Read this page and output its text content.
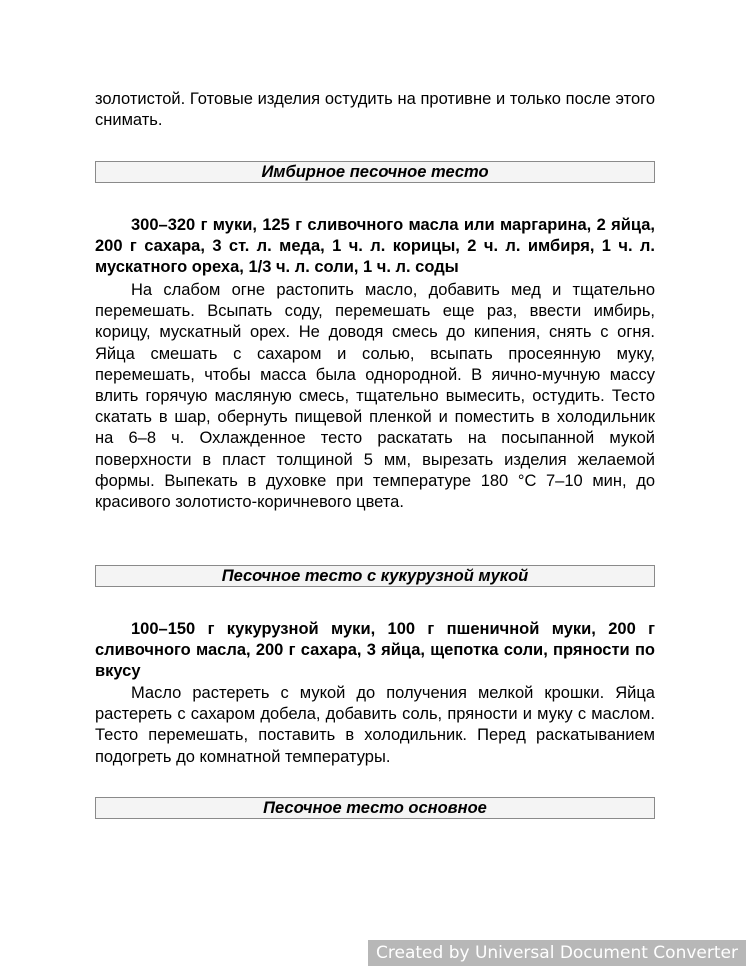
золотистой. Готовые изделия остудить на противне и только после этого снимать.

Имбирное песочное тесто

300–320 г муки, 125 г сливочного масла или маргарина, 2 яйца, 200 г сахара, 3 ст. л. меда, 1 ч. л. корицы, 2 ч. л. имбиря, 1 ч. л. мускатного ореха, 1/3 ч. л. соли, 1 ч. л. соды

На слабом огне растопить масло, добавить мед и тщательно перемешать. Всыпать соду, перемешать еще раз, ввести имбирь, корицу, мускатный орех. Не доводя смесь до кипения, снять с огня. Яйца смешать с сахаром и солью, всыпать просеянную муку, перемешать, чтобы масса была однородной. В яично-мучную массу влить горячую масляную смесь, тщательно вымесить, остудить. Тесто скатать в шар, обернуть пищевой пленкой и поместить в холодильник на 6–8 ч. Охлажденное тесто раскатать на посыпанной мукой поверхности в пласт толщиной 5 мм, вырезать изделия желаемой формы. Выпекать в духовке при температуре 180 °С 7–10 мин, до красивого золотисто-коричневого цвета.

Песочное тесто с кукурузной мукой

100–150 г кукурузной муки, 100 г пшеничной муки, 200 г сливочного масла, 200 г сахара, 3 яйца, щепотка соли, пряности по вкусу

Масло растереть с мукой до получения мелкой крошки. Яйца растереть с сахаром добела, добавить соль, пряности и муку с маслом. Тесто перемешать, поставить в холодильник. Перед раскатыванием подогреть до комнатной температуры.

Песочное тесто основное
Created by Universal Document Converter
